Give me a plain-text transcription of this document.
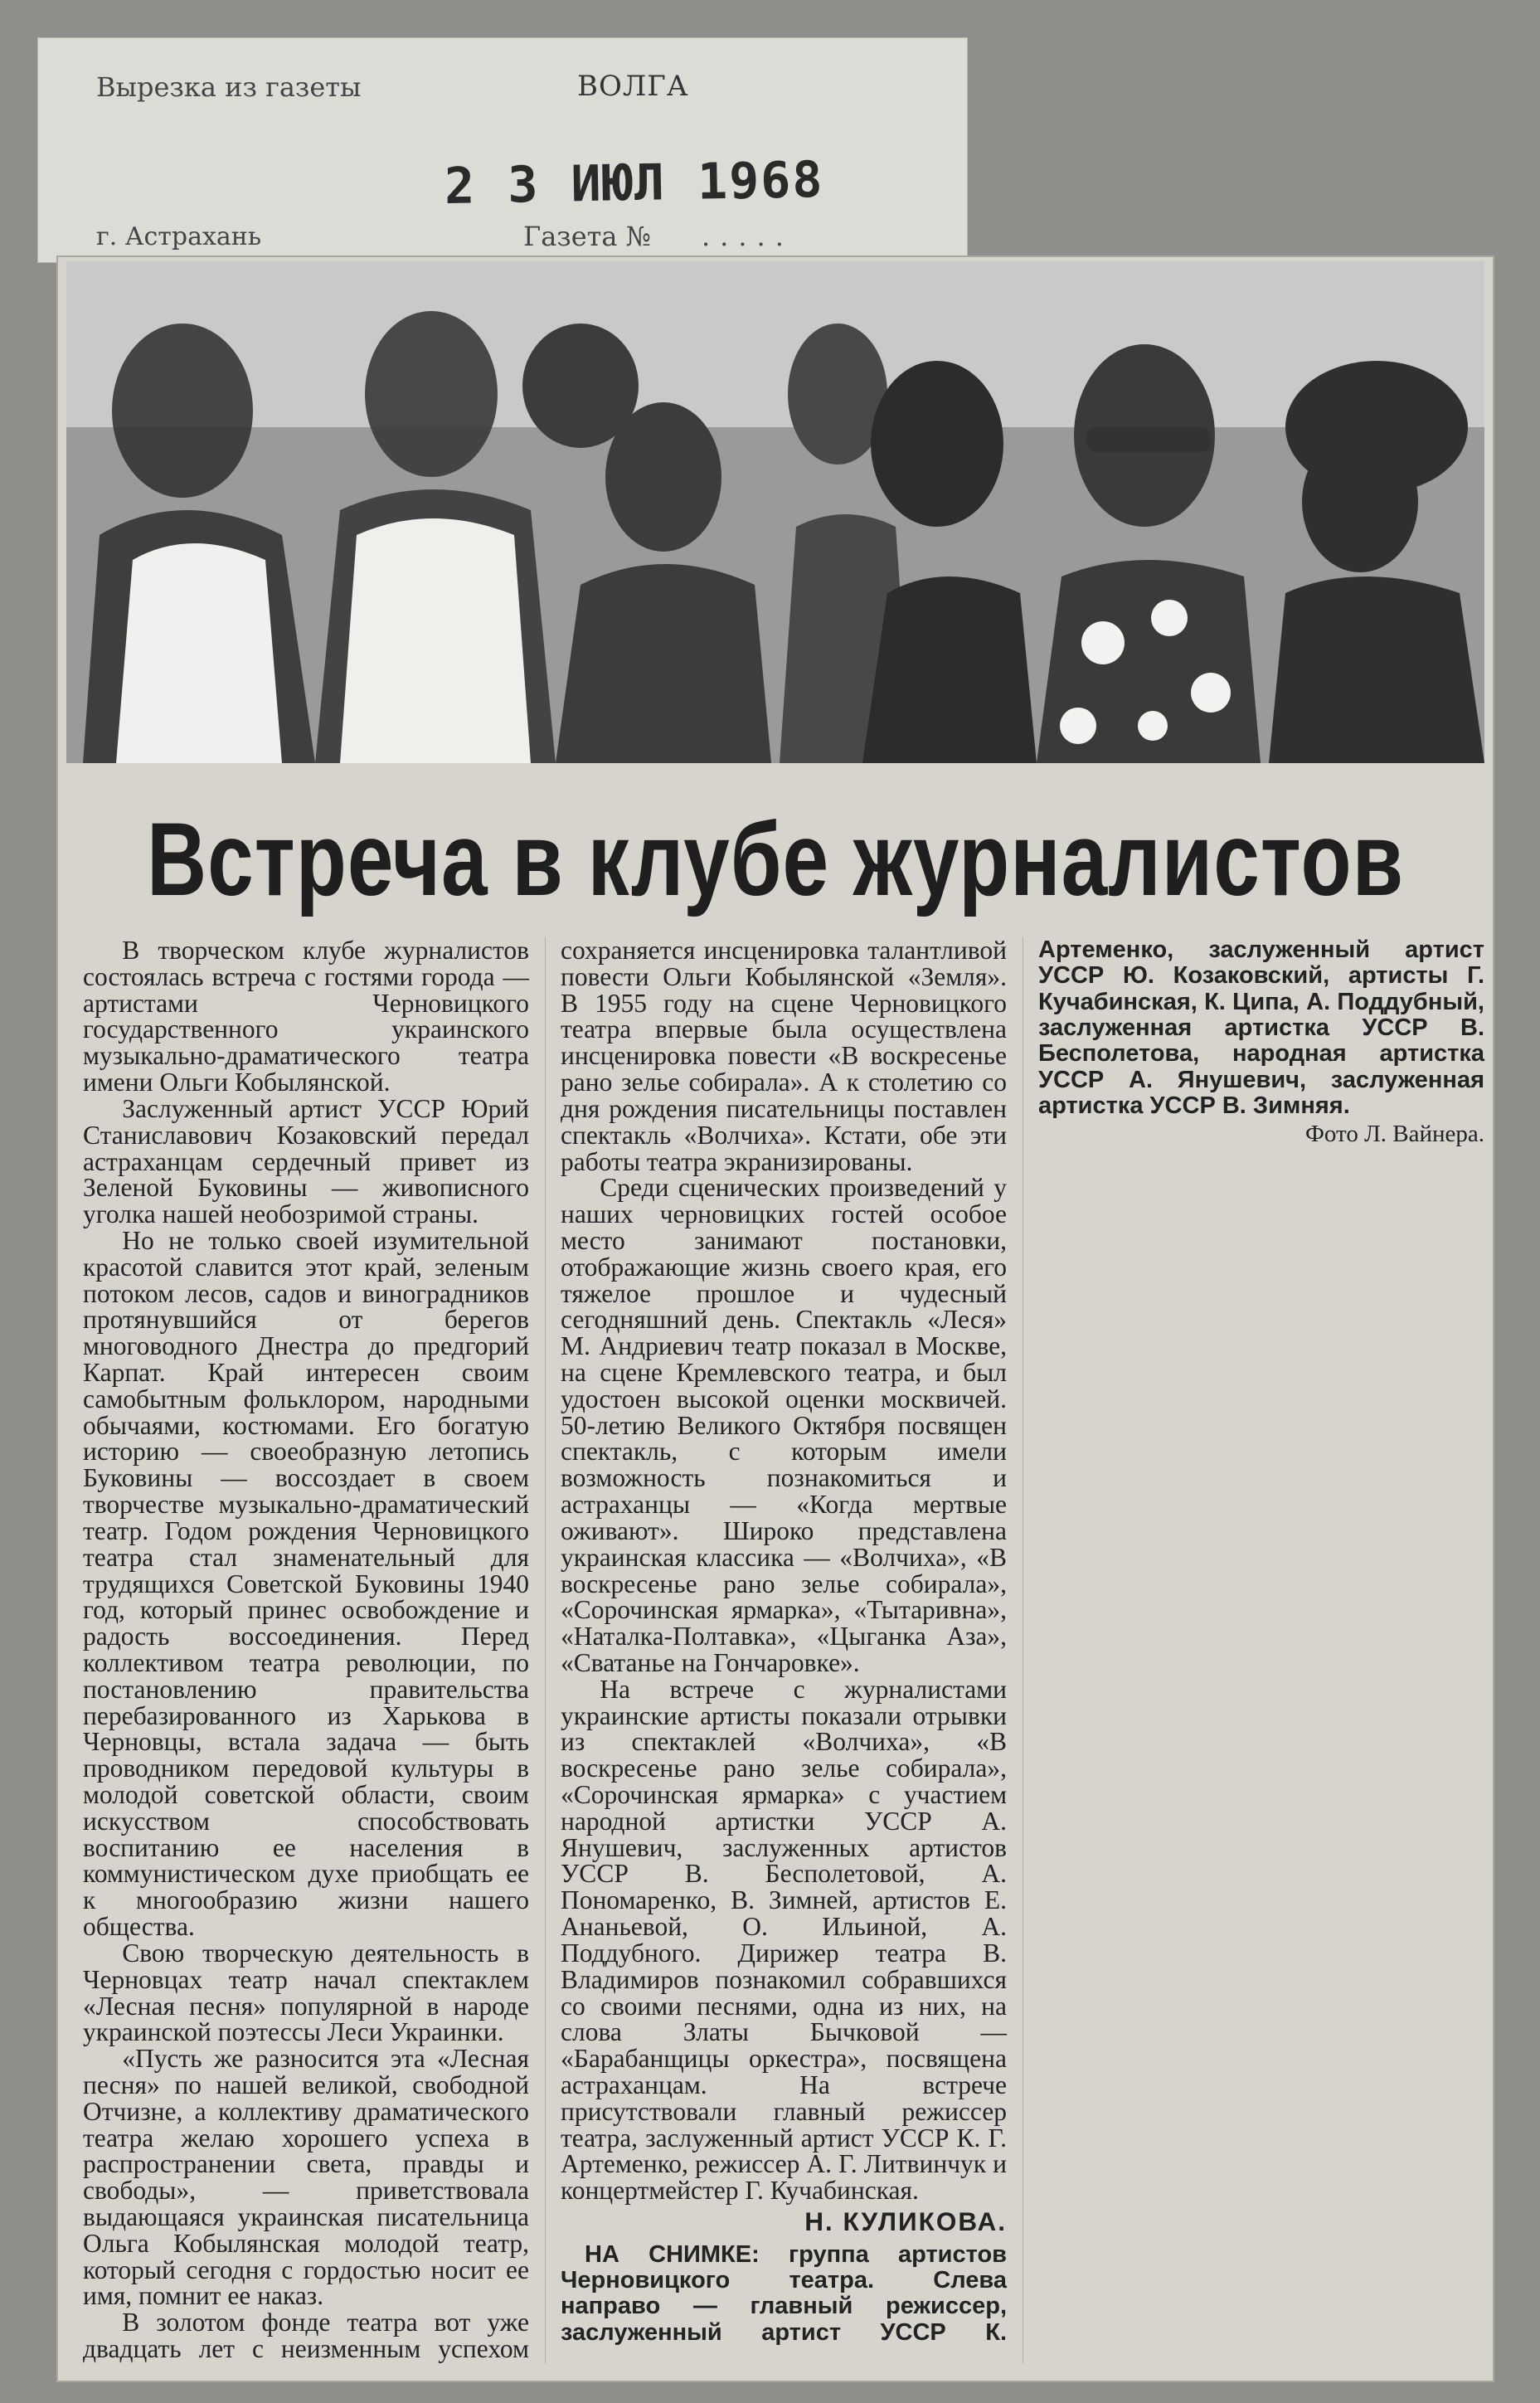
Вырезка из газеты	ВОЛГА
2 3 ИЮЛ 1968
г. Астрахань	Газета № .....
Встреча в клубе журналистов

В творческом клубе журналистов состоялась встреча с гостями города — артистами Черновицкого государственного украинского музыкально-драматического театра имени Ольги Кобылянской.

Заслуженный артист УССР Юрий Станиславович Козаковский передал астраханцам сердечный привет из Зеленой Буковины — живописного уголка нашей необозримой страны.

Но не только своей изумительной красотой славится этот край, зеленым потоком лесов, садов и виноградников протянувшийся от берегов многоводного Днестра до предгорий Карпат. Край интересен своим самобытным фольклором, народными обычаями, костюмами. Его богатую историю — своеобразную летопись Буковины — воссоздает в своем творчестве музыкально-драматический театр. Годом рождения Черновицкого театра стал знаменательный для трудящихся Советской Буковины 1940 год, который принес освобождение и радость воссоединения. Перед коллективом театра революции, по постановлению правительства перебазированного из Харькова в Черновцы, встала задача — быть проводником передовой культуры в молодой советской области, своим искусством способствовать воспитанию ее населения в коммунистическом духе приобщать ее к многообразию жизни нашего общества.

Свою творческую деятельность в Черновцах театр начал спектаклем «Лесная песня» популярной в народе украинской поэтессы Леси Украинки.

«Пусть же разносится эта «Лесная песня» по нашей великой, свободной Отчизне, а коллективу драматического театра желаю хорошего успеха в распространении света, правды и свободы», — приветствовала выдающаяся украинская писательница Ольга Кобылянская молодой театр, который сегодня с гордостью носит ее имя, помнит ее наказ.

В золотом фонде театра вот уже двадцать лет с неизменным успехом сохраняется инсценировка талантливой повести Ольги Кобылянской «Земля». В 1955 году на сцене Черновицкого театра впервые была осуществлена инсценировка повести «В воскресенье рано зелье собирала». А к столетию со дня рождения писательницы поставлен спектакль «Волчиха». Кстати, обе эти работы театра экранизированы.

Среди сценических произведений у наших черновицких гостей особое место занимают постановки, отображающие жизнь своего края, его тяжелое прошлое и чудесный сегодняшний день. Спектакль «Леся» М. Андриевич театр показал в Москве, на сцене Кремлевского театра, и был удостоен высокой оценки москвичей. 50-летию Великого Октября посвящен спектакль, с которым имели возможность познакомиться и астраханцы — «Когда мертвые оживают». Широко представлена украинская классика — «Волчиха», «В воскресенье рано зелье собирала», «Сорочинская ярмарка», «Тытаривна», «Наталка-Полтавка», «Цыганка Аза», «Сватанье на Гончаровке».

На встрече с журналистами украинские артисты показали отрывки из спектаклей «Волчиха», «В воскресенье рано зелье собирала», «Сорочинская ярмарка» с участием народной артистки УССР А. Янушевич, заслуженных артистов УССР В. Бесполетовой, А. Пономаренко, В. Зимней, артистов Е. Ананьевой, О. Ильиной, А. Поддубного. Дирижер театра В. Владимиров познакомил собравшихся со своими песнями, одна из них, на слова Златы Бычковой — «Барабанщицы оркестра», посвящена астраханцам. На встрече присутствовали главный режиссер театра, заслуженный артист УССР К. Г. Артеменко, режиссер А. Г. Литвинчук и концертмейстер Г. Кучабинская.

Н. КУЛИКОВА.

НА СНИМКЕ: группа артистов Черновицкого театра. Слева направо — главный режиссер, заслуженный артист УССР К. Артеменко, заслуженный артист УССР Ю. Козаковский, артисты Г. Кучабинская, К. Ципа, А. Поддубный, заслуженная артистка УССР В. Бесполетова, народная артистка УССР А. Янушевич, заслуженная артистка УССР В. Зимняя.

Фото Л. Вайнера.
